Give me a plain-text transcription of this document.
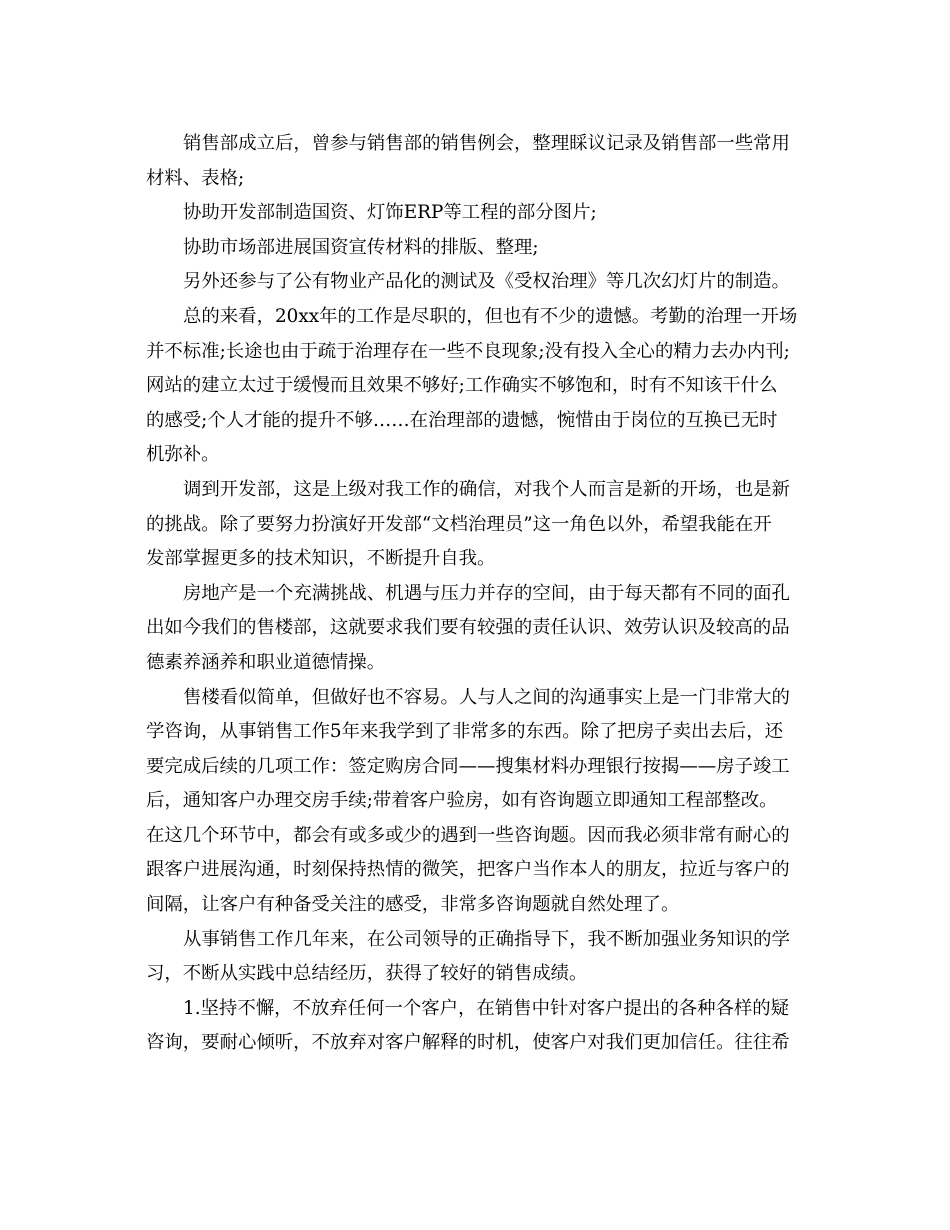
销售部成立后，曾参与销售部的销售例会，整理睬议记录及销售部一些常用
材料、表格;
协助开发部制造国资、灯饰ERP等工程的部分图片;
协助市场部进展国资宣传材料的排版、整理;
另外还参与了公有物业产品化的测试及《受权治理》等几次幻灯片的制造。
总的来看，20xx年的工作是尽职的，但也有不少的遗憾。考勤的治理一开场
并不标准;长途也由于疏于治理存在一些不良现象;没有投入全心的精力去办内刊;
网站的建立太过于缓慢而且效果不够好;工作确实不够饱和，时有不知该干什么
的感受;个人才能的提升不够……在治理部的遗憾，惋惜由于岗位的互换已无时
机弥补。
调到开发部，这是上级对我工作的确信，对我个人而言是新的开场，也是新
的挑战。除了要努力扮演好开发部“文档治理员”这一角色以外，希望我能在开
发部掌握更多的技术知识，不断提升自我。
房地产是一个充满挑战、机遇与压力并存的空间，由于每天都有不同的面孔
出如今我们的售楼部，这就要求我们要有较强的责任认识、效劳认识及较高的品
德素养涵养和职业道德情操。
售楼看似简单，但做好也不容易。人与人之间的沟通事实上是一门非常大的
学咨询，从事销售工作5年来我学到了非常多的东西。除了把房子卖出去后，还
要完成后续的几项工作：签定购房合同——搜集材料办理银行按揭——房子竣工
后，通知客户办理交房手续;带着客户验房，如有咨询题立即通知工程部整改。
在这几个环节中，都会有或多或少的遇到一些咨询题。因而我必须非常有耐心的
跟客户进展沟通，时刻保持热情的微笑，把客户当作本人的朋友，拉近与客户的
间隔，让客户有种备受关注的感受，非常多咨询题就自然处理了。
从事销售工作几年来，在公司领导的正确指导下，我不断加强业务知识的学
习，不断从实践中总结经历，获得了较好的销售成绩。
1.坚持不懈，不放弃任何一个客户，在销售中针对客户提出的各种各样的疑
咨询，要耐心倾听，不放弃对客户解释的时机，使客户对我们更加信任。往往希
